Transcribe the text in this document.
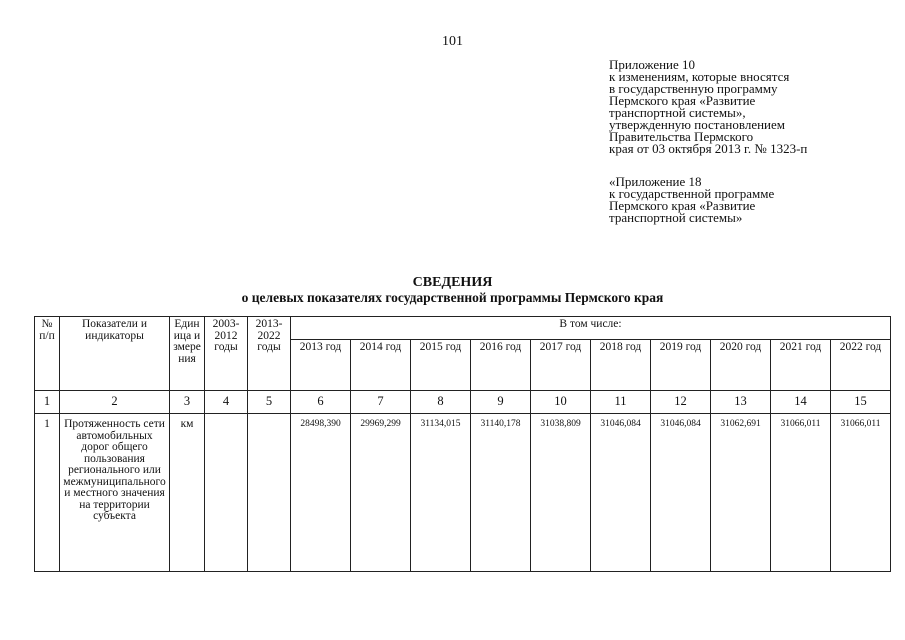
101
Приложение 10
к изменениям, которые вносятся
в государственную программу
Пермского края «Развитие
транспортной системы»,
утвержденную постановлением
Правительства Пермского
края от 03 октября 2013 г. № 1323-п
«Приложение 18
к государственной программе
Пермского края «Развитие
транспортной системы»
СВЕДЕНИЯ
о целевых показателях государственной программы Пермского края
№ п/п	Показатели и индикаторы	Единица измерения	2003-2012 годы	2013-2022 годы	В том числе:									
					2013 год	2014 год	2015 год	2016 год	2017 год	2018 год	2019 год	2020 год	2021 год	2022 год
1	2	3	4	5	6	7	8	9	10	11	12	13	14	15
1	Протяженность сети автомобильных дорог общего пользования регионального или межмуниципального и местного значения на территории субъекта	км			28498,390	29969,299	31134,015	31140,178	31038,809	31046,084	31046,084	31062,691	31066,011	31066,011
